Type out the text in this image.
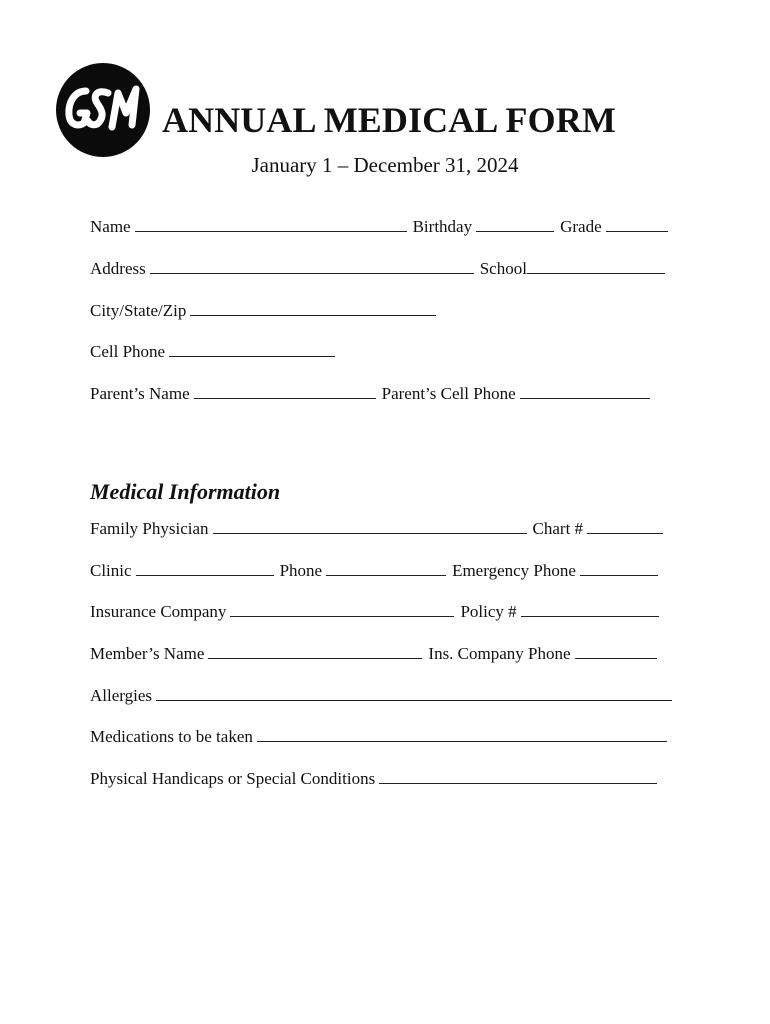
ANNUAL MEDICAL FORM
January 1 – December 31, 2024
Name	Birthday	Grade
Address	School
City/State/Zip
Cell Phone
Parent’s Name	Parent’s Cell Phone
Medical Information
Family Physician	Chart #
Clinic	Phone	Emergency Phone
Insurance Company	Policy #
Member’s Name	Ins. Company Phone
Allergies
Medications to be taken
Physical Handicaps or Special Conditions
